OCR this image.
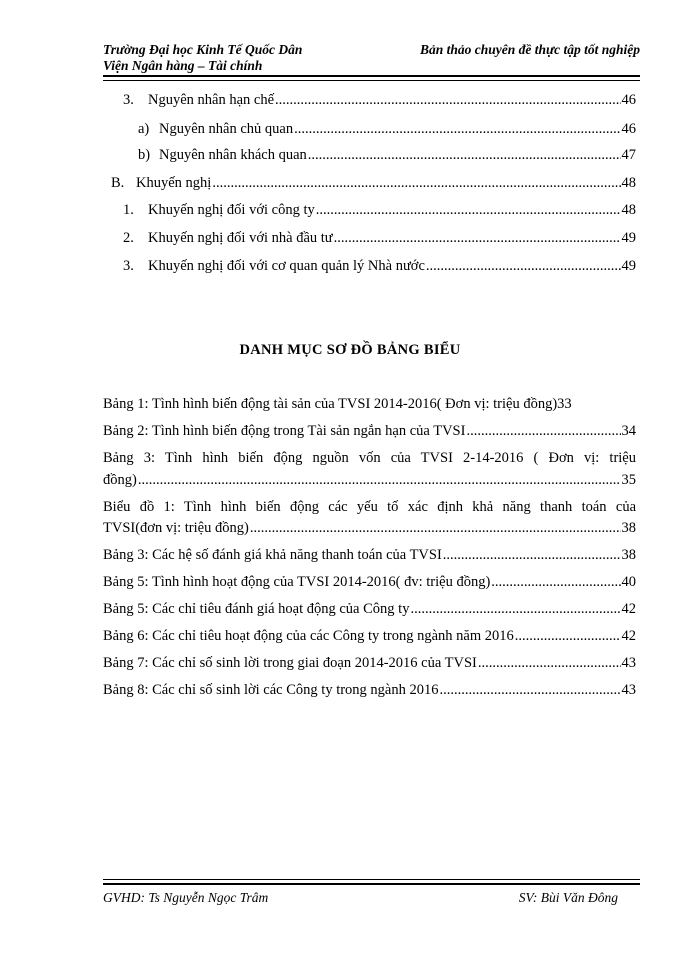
Trường Đại học Kinh Tế Quốc Dân	Bản thảo chuyên đề thực tập tốt nghiệp
Viện Ngân hàng – Tài chính
3. Nguyên nhân hạn chế .....	46
a) Nguyên nhân chủ quan .....	46
b) Nguyên nhân khách quan .....	47
B. Khuyến nghị .....	48
1. Khuyến nghị đối với công ty .....	48
2. Khuyến nghị đối với nhà đầu tư .....	49
3. Khuyến nghị đối với cơ quan quản lý Nhà nước .....	49
DANH MỤC SƠ ĐỒ BẢNG BIỂU
Bảng 1: Tình hình biến động tài sản của TVSI 2014-2016( Đơn vị: triệu đồng) 33
Bảng 2: Tình hình biến động trong Tài sản ngắn hạn của TVSI .....	34
Bảng 3: Tình hình biến động nguồn vốn của TVSI 2-14-2016 ( Đơn vị: triệu
đồng) .....	35
Biểu đồ 1: Tình hình biến động các yếu tố xác định khả năng thanh toán của
TVSI(đơn vị: triệu đồng) .....	38
Bảng 3: Các hệ số đánh giá khả năng thanh toán của TVSI .....	38
Bảng 5: Tình hình hoạt động của TVSI 2014-2016( đv: triệu đồng) .....	40
Bảng 5: Các chỉ tiêu đánh giá hoạt động của Công ty .....	42
Bảng 6: Các chỉ tiêu hoạt động của các Công ty trong ngành năm 2016 .....	42
Bảng 7: Các chỉ số sinh lời trong giai đoạn 2014-2016 của TVSI .....	43
Bảng 8: Các chỉ số sinh lời các Công ty trong ngành 2016 .....	43
GVHD: Ts Nguyễn Ngọc Trâm	SV: Bùi Văn Đông
